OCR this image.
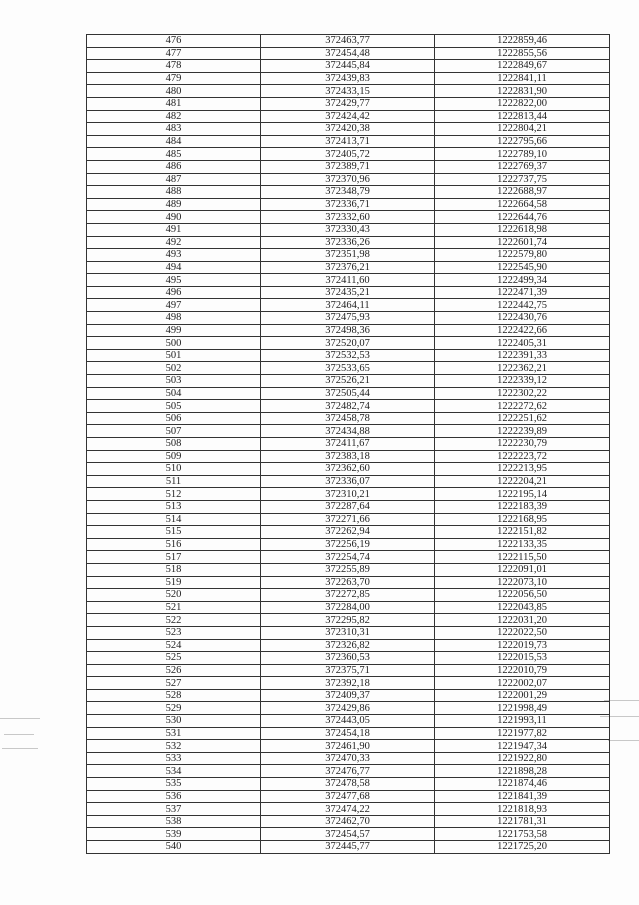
476	372463,77	1222859,46
477	372454,48	1222855,56
478	372445,84	1222849,67
479	372439,83	1222841,11
480	372433,15	1222831,90
481	372429,77	1222822,00
482	372424,42	1222813,44
483	372420,38	1222804,21
484	372413,71	1222795,66
485	372405,72	1222789,10
486	372389,71	1222769,37
487	372370,96	1222737,75
488	372348,79	1222688,97
489	372336,71	1222664,58
490	372332,60	1222644,76
491	372330,43	1222618,98
492	372336,26	1222601,74
493	372351,98	1222579,80
494	372376,21	1222545,90
495	372411,60	1222499,34
496	372435,21	1222471,39
497	372464,11	1222442,75
498	372475,93	1222430,76
499	372498,36	1222422,66
500	372520,07	1222405,31
501	372532,53	1222391,33
502	372533,65	1222362,21
503	372526,21	1222339,12
504	372505,44	1222302,22
505	372482,74	1222272,62
506	372458,78	1222251,62
507	372434,88	1222239,89
508	372411,67	1222230,79
509	372383,18	1222223,72
510	372362,60	1222213,95
511	372336,07	1222204,21
512	372310,21	1222195,14
513	372287,64	1222183,39
514	372271,66	1222168,95
515	372262,94	1222151,82
516	372256,19	1222133,35
517	372254,74	1222115,50
518	372255,89	1222091,01
519	372263,70	1222073,10
520	372272,85	1222056,50
521	372284,00	1222043,85
522	372295,82	1222031,20
523	372310,31	1222022,50
524	372326,82	1222019,73
525	372360,53	1222015,53
526	372375,71	1222010,79
527	372392,18	1222002,07
528	372409,37	1222001,29
529	372429,86	1221998,49
530	372443,05	1221993,11
531	372454,18	1221977,82
532	372461,90	1221947,34
533	372470,33	1221922,80
534	372476,77	1221898,28
535	372478,58	1221874,46
536	372477,68	1221841,39
537	372474,22	1221818,93
538	372462,70	1221781,31
539	372454,57	1221753,58
540	372445,77	1221725,20
